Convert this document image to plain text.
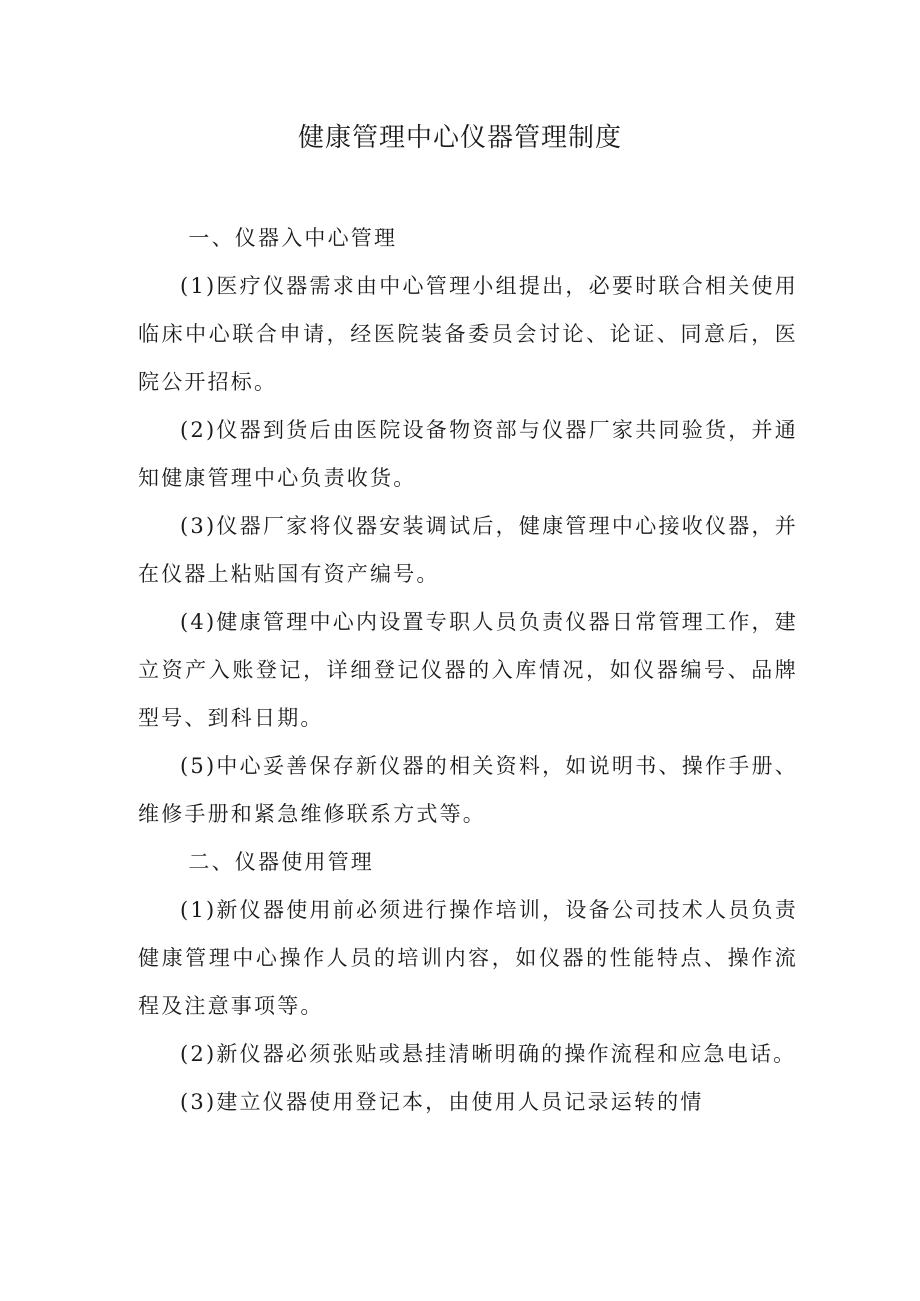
健康管理中心仪器管理制度

一、仪器入中心管理

(1)医疗仪器需求由中心管理小组提出，必要时联合相关使用临床中心联合申请，经医院装备委员会讨论、论证、同意后，医院公开招标。

(2)仪器到货后由医院设备物资部与仪器厂家共同验货，并通知健康管理中心负责收货。

(3)仪器厂家将仪器安装调试后，健康管理中心接收仪器，并在仪器上粘贴国有资产编号。

(4)健康管理中心内设置专职人员负责仪器日常管理工作，建立资产入账登记，详细登记仪器的入库情况，如仪器编号、品牌型号、到科日期。

(5)中心妥善保存新仪器的相关资料，如说明书、操作手册、维修手册和紧急维修联系方式等。

二、仪器使用管理

(1)新仪器使用前必须进行操作培训，设备公司技术人员负责健康管理中心操作人员的培训内容，如仪器的性能特点、操作流程及注意事项等。

(2)新仪器必须张贴或悬挂清晰明确的操作流程和应急电话。

(3)建立仪器使用登记本，由使用人员记录运转的情
